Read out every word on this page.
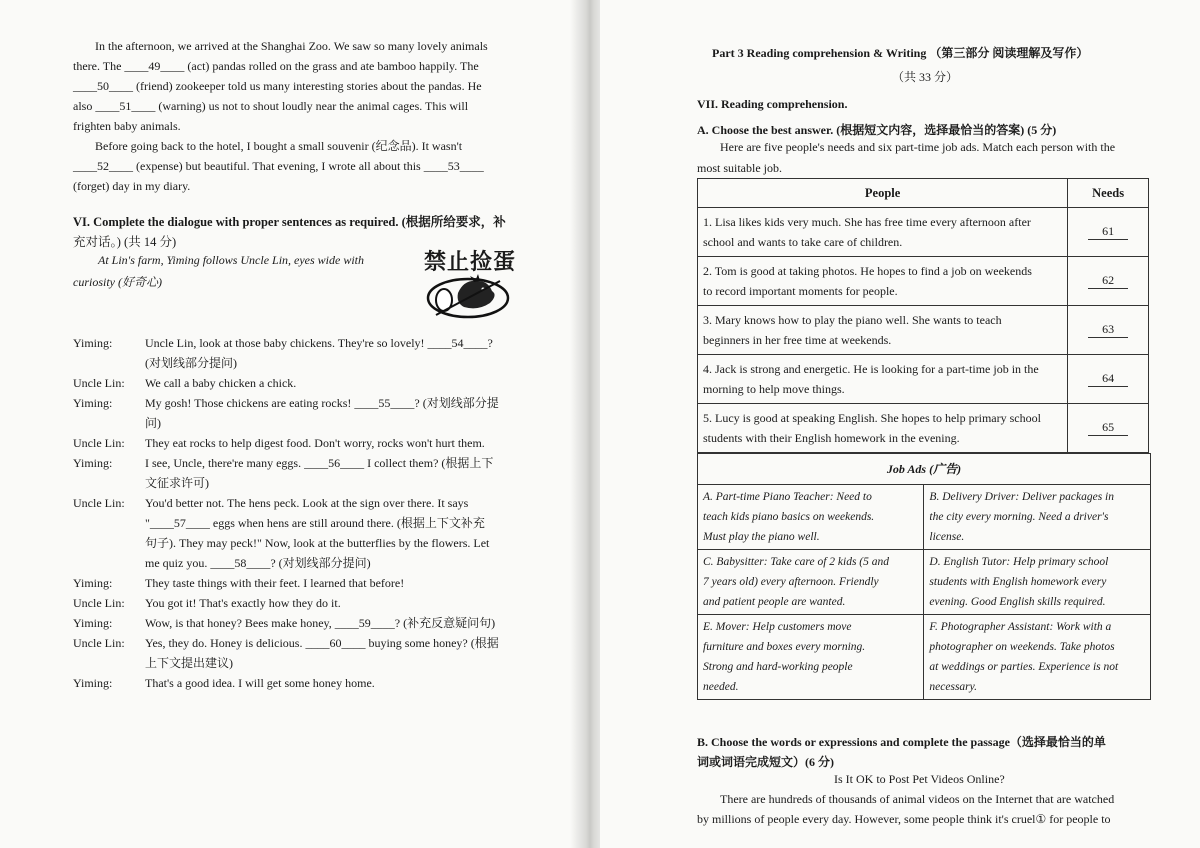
In the afternoon, we arrived at the Shanghai Zoo. We saw so many lovely animals
there. The ____49____ (act) pandas rolled on the grass and ate bamboo happily. The
____50____ (friend) zookeeper told us many interesting stories about the pandas. He
also ____51____ (warning) us not to shout loudly near the animal cages. This will
frighten baby animals.
Before going back to the hotel, I bought a small souvenir (纪念品). It wasn't
____52____ (expense) but beautiful. That evening, I wrote all about this ____53____
(forget) day in my diary.
VI. Complete the dialogue with proper sentences as required. (根据所给要求，补
充对话。) (共 14 分)
At Lin's farm, Yiming follows Uncle Lin, eyes wide with
curiosity (好奇心)
禁止捡蛋
Yiming:	Uncle Lin, look at those baby chickens. They're so lovely! ____54____?
(对划线部分提问)
Uncle Lin:	We call a baby chicken a chick.
Yiming:	My gosh! Those chickens are eating rocks! ____55____? (对划线部分提
问)
Uncle Lin:	They eat rocks to help digest food. Don't worry, rocks won't hurt them.
Yiming:	I see, Uncle, there're many eggs. ____56____ I collect them? (根据上下
文征求许可)
Uncle Lin:	You'd better not. The hens peck. Look at the sign over there. It says
"____57____ eggs when hens are still around there. (根据上下文补充
句子). They may peck!" Now, look at the butterflies by the flowers. Let
me quiz you. ____58____? (对划线部分提问)
Yiming:	They taste things with their feet. I learned that before!
Uncle Lin:	You got it! That's exactly how they do it.
Yiming:	Wow, is that honey? Bees make honey, ____59____? (补充反意疑问句)
Uncle Lin:	Yes, they do. Honey is delicious. ____60____ buying some honey? (根据
上下文提出建议)
Yiming:	That's a good idea. I will get some honey home.
Part 3 Reading comprehension & Writing （第三部分 阅读理解及写作）
（共 33 分）
VII. Reading comprehension.
A. Choose the best answer. (根据短文内容，选择最恰当的答案) (5 分)
Here are five people's needs and six part-time job ads. Match each person with the
most suitable job.
People	Needs

1. Lisa likes kids very much. She has free time every afternoon after
school and wants to take care of children.	61

2. Tom is good at taking photos. He hopes to find a job on weekends
to record important moments for people.	62

3. Mary knows how to play the piano well. She wants to teach
beginners in her free time at weekends.	63

4. Jack is strong and energetic. He is looking for a part-time job in the
morning to help move things.	64

5. Lucy is good at speaking English. She hopes to help primary school
students with their English homework in the evening.	65
Job Ads (广告)	

A. Part-time Piano Teacher: Need to
teach kids piano basics on weekends.
Must play the piano well.	B. Delivery Driver: Deliver packages in
the city every morning. Need a driver's
license.

C. Babysitter: Take care of 2 kids (5 and
7 years old) every afternoon. Friendly
and patient people are wanted.	D. English Tutor: Help primary school
students with English homework every
evening. Good English skills required.

E. Mover: Help customers move
furniture and boxes every morning.
Strong and hard-working people
needed.	F. Photographer Assistant: Work with a
photographer on weekends. Take photos
at weddings or parties. Experience is not
necessary.
B. Choose the words or expressions and complete the passage（选择最恰当的单
词或词语完成短文）(6 分)
Is It OK to Post Pet Videos Online?
There are hundreds of thousands of animal videos on the Internet that are watched
by millions of people every day. However, some people think it's cruel① for people to
